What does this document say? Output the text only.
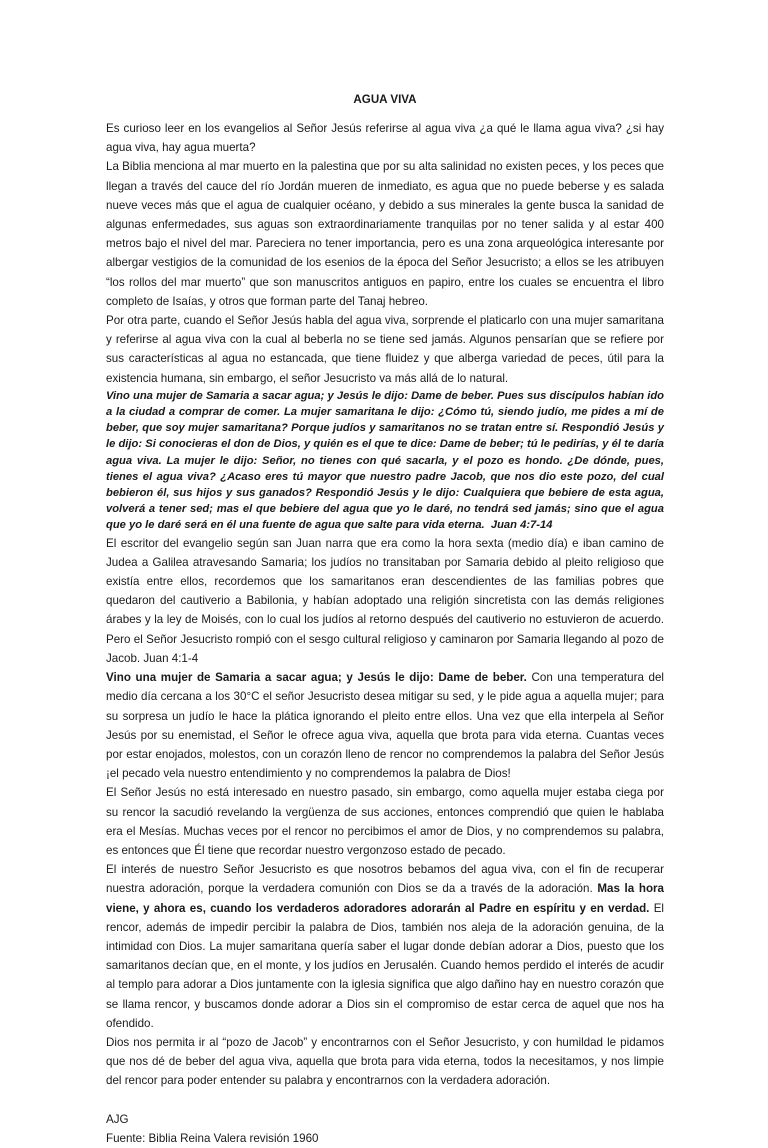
AGUA VIVA

Es curioso leer en los evangelios al Señor Jesús referirse al agua viva ¿a qué le llama agua viva? ¿si hay agua viva, hay agua muerta?

La Biblia menciona al mar muerto en la palestina que por su alta salinidad no existen peces, y los peces que llegan a través del cauce del río Jordán mueren de inmediato, es agua que no puede beberse y es salada nueve veces más que el agua de cualquier océano, y debido a sus minerales la gente busca la sanidad de algunas enfermedades, sus aguas son extraordinariamente tranquilas por no tener salida y al estar 400 metros bajo el nivel del mar. Pareciera no tener importancia, pero es una zona arqueológica interesante por albergar vestigios de la comunidad de los esenios de la época del Señor Jesucristo; a ellos se les atribuyen “los rollos del mar muerto” que son manuscritos antiguos en papiro, entre los cuales se encuentra el libro completo de Isaías, y otros que forman parte del Tanaj hebreo.

Por otra parte, cuando el Señor Jesús habla del agua viva, sorprende el platicarlo con una mujer samaritana y referirse al agua viva con la cual al beberla no se tiene sed jamás. Algunos pensarían que se refiere por sus características al agua no estancada, que tiene fluidez y que alberga variedad de peces, útil para la existencia humana, sin embargo, el señor Jesucristo va más allá de lo natural.

Vino una mujer de Samaria a sacar agua; y Jesús le dijo: Dame de beber. Pues sus discípulos habían ido a la ciudad a comprar de comer. La mujer samaritana le dijo: ¿Cómo tú, siendo judío, me pides a mí de beber, que soy mujer samaritana? Porque judíos y samaritanos no se tratan entre sí. Respondió Jesús y le dijo: Si conocieras el don de Dios, y quién es el que te dice: Dame de beber; tú le pedirías, y él te daría agua viva. La mujer le dijo: Señor, no tienes con qué sacarla, y el pozo es hondo. ¿De dónde, pues, tienes el agua viva? ¿Acaso eres tú mayor que nuestro padre Jacob, que nos dio este pozo, del cual bebieron él, sus hijos y sus ganados? Respondió Jesús y le dijo: Cualquiera que bebiere de esta agua, volverá a tener sed; mas el que bebiere del agua que yo le daré, no tendrá sed jamás; sino que el agua que yo le daré será en él una fuente de agua que salte para vida eterna. Juan 4:7-14

El escritor del evangelio según san Juan narra que era como la hora sexta (medio día) e iban camino de Judea a Galilea atravesando Samaria; los judíos no transitaban por Samaria debido al pleito religioso que existía entre ellos, recordemos que los samaritanos eran descendientes de las familias pobres que quedaron del cautiverio a Babilonia, y habían adoptado una religión sincretista con las demás religiones árabes y la ley de Moisés, con lo cual los judíos al retorno después del cautiverio no estuvieron de acuerdo. Pero el Señor Jesucristo rompió con el sesgo cultural religioso y caminaron por Samaria llegando al pozo de Jacob. Juan 4:1-4

Vino una mujer de Samaria a sacar agua; y Jesús le dijo: Dame de beber. Con una temperatura del medio día cercana a los 30°C el señor Jesucristo desea mitigar su sed, y le pide agua a aquella mujer; para su sorpresa un judío le hace la plática ignorando el pleito entre ellos. Una vez que ella interpela al Señor Jesús por su enemistad, el Señor le ofrece agua viva, aquella que brota para vida eterna. Cuantas veces por estar enojados, molestos, con un corazón lleno de rencor no comprendemos la palabra del Señor Jesús ¡el pecado vela nuestro entendimiento y no comprendemos la palabra de Dios!

El Señor Jesús no está interesado en nuestro pasado, sin embargo, como aquella mujer estaba ciega por su rencor la sacudió revelando la vergüenza de sus acciones, entonces comprendió que quien le hablaba era el Mesías. Muchas veces por el rencor no percibimos el amor de Dios, y no comprendemos su palabra, es entonces que Él tiene que recordar nuestro vergonzoso estado de pecado.

El interés de nuestro Señor Jesucristo es que nosotros bebamos del agua viva, con el fin de recuperar nuestra adoración, porque la verdadera comunión con Dios se da a través de la adoración. Mas la hora viene, y ahora es, cuando los verdaderos adoradores adorarán al Padre en espíritu y en verdad. El rencor, además de impedir percibir la palabra de Dios, también nos aleja de la adoración genuina, de la intimidad con Dios. La mujer samaritana quería saber el lugar donde debían adorar a Dios, puesto que los samaritanos decían que, en el monte, y los judíos en Jerusalén. Cuando hemos perdido el interés de acudir al templo para adorar a Dios juntamente con la iglesia significa que algo dañino hay en nuestro corazón que se llama rencor, y buscamos donde adorar a Dios sin el compromiso de estar cerca de aquel que nos ha ofendido.

Dios nos permita ir al “pozo de Jacob” y encontrarnos con el Señor Jesucristo, y con humildad le pidamos que nos dé de beber del agua viva, aquella que brota para vida eterna, todos la necesitamos, y nos limpie del rencor para poder entender su palabra y encontrarnos con la verdadera adoración.

AJG

Fuente: Biblia Reina Valera revisión 1960
